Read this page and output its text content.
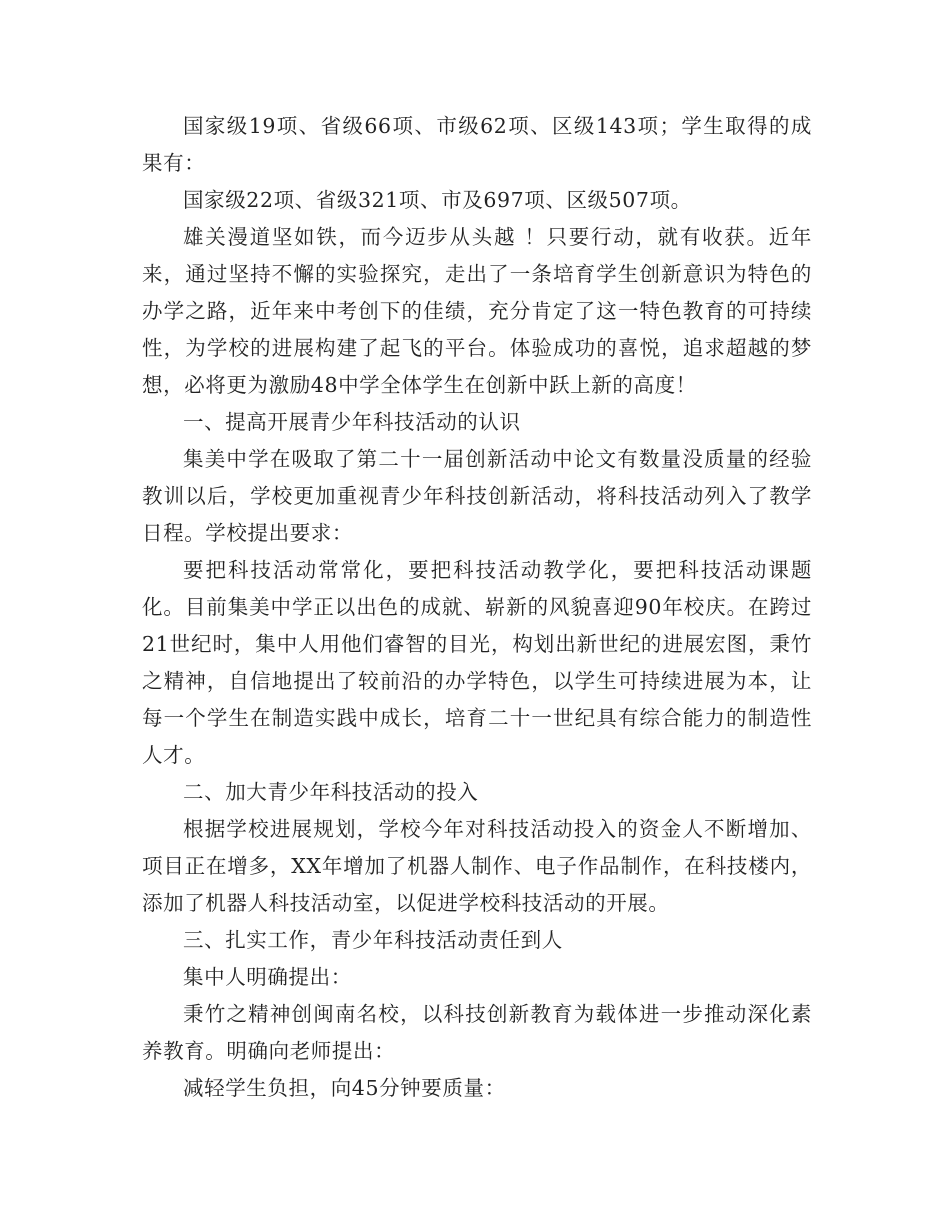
国家级19项、省级66项、市级62项、区级143项；学生取得的成果有：

国家级22项、省级321项、市及697项、区级507项。

雄关漫道坚如铁，而今迈步从头越 ！只要行动，就有收获。近年来，通过坚持不懈的实验探究，走出了一条培育学生创新意识为特色的办学之路，近年来中考创下的佳绩，充分肯定了这一特色教育的可持续性，为学校的进展构建了起飞的平台。体验成功的喜悦，追求超越的梦想，必将更为激励48中学全体学生在创新中跃上新的高度！

一、提高开展青少年科技活动的认识

集美中学在吸取了第二十一届创新活动中论文有数量没质量的经验教训以后，学校更加重视青少年科技创新活动，将科技活动列入了教学日程。学校提出要求：

要把科技活动常常化，要把科技活动教学化，要把科技活动课题化。目前集美中学正以出色的成就、崭新的风貌喜迎90年校庆。在跨过21世纪时，集中人用他们睿智的目光，构划出新世纪的进展宏图，秉竹之精神，自信地提出了较前沿的办学特色，以学生可持续进展为本，让每一个学生在制造实践中成长，培育二十一世纪具有综合能力的制造性人才。

二、加大青少年科技活动的投入

根据学校进展规划，学校今年对科技活动投入的资金人不断增加、项目正在增多，XX年增加了机器人制作、电子作品制作，在科技楼内，添加了机器人科技活动室，以促进学校科技活动的开展。

三、扎实工作，青少年科技活动责任到人

集中人明确提出：

秉竹之精神创闽南名校，以科技创新教育为载体进一步推动深化素养教育。明确向老师提出：

减轻学生负担，向45分钟要质量：
